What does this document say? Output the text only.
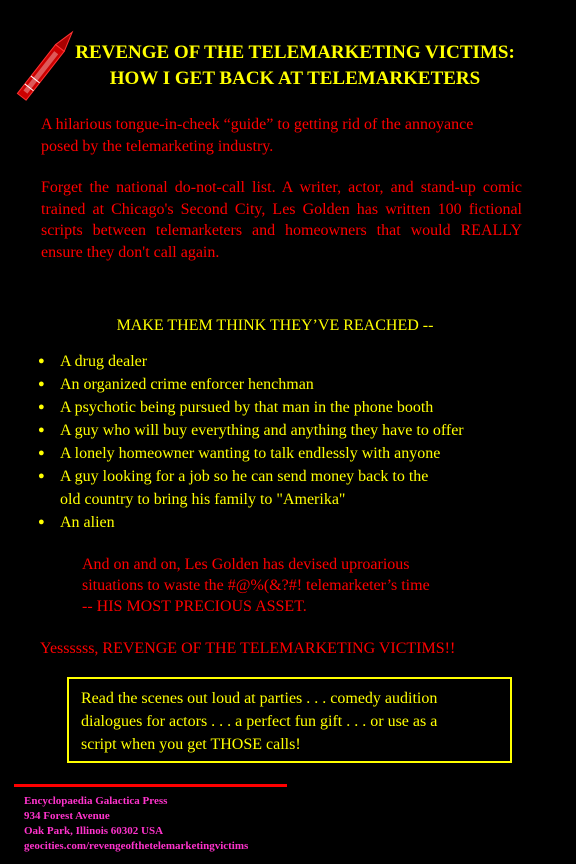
REVENGE OF THE TELEMARKETING VICTIMS:
HOW I GET BACK AT TELEMARKETERS
A hilarious tongue-in-cheek “guide” to getting rid of the annoyance posed by the telemarketing industry.
Forget the national do-not-call list. A writer, actor, and stand-up comic trained at Chicago's Second City, Les Golden has written 100 fictional scripts between telemarketers and homeowners that would REALLY ensure they don't call again.
MAKE THEM THINK THEY’VE REACHED --
● A drug dealer
● An organized crime enforcer henchman
● A psychotic being pursued by that man in the phone booth
● A guy who will buy everything and anything they have to offer
● A lonely homeowner wanting to talk endlessly with anyone
● A guy looking for a job so he can send money back to the
old country to bring his family to "Amerika"
● An alien
And on and on, Les Golden has devised uproarious
situations to waste the #@%(&?#! telemarketer’s time
-- HIS MOST PRECIOUS ASSET.
Yessssss, REVENGE OF THE TELEMARKETING VICTIMS!!
Read the scenes out loud at parties . . . comedy audition
dialogues for actors . . . a perfect fun gift . . . or use as a
script when you get THOSE calls!
Encyclopaedia Galactica Press
934 Forest Avenue
Oak Park, Illinois 60302 USA
geocities.com/revengeofthetelemarketingvictims
